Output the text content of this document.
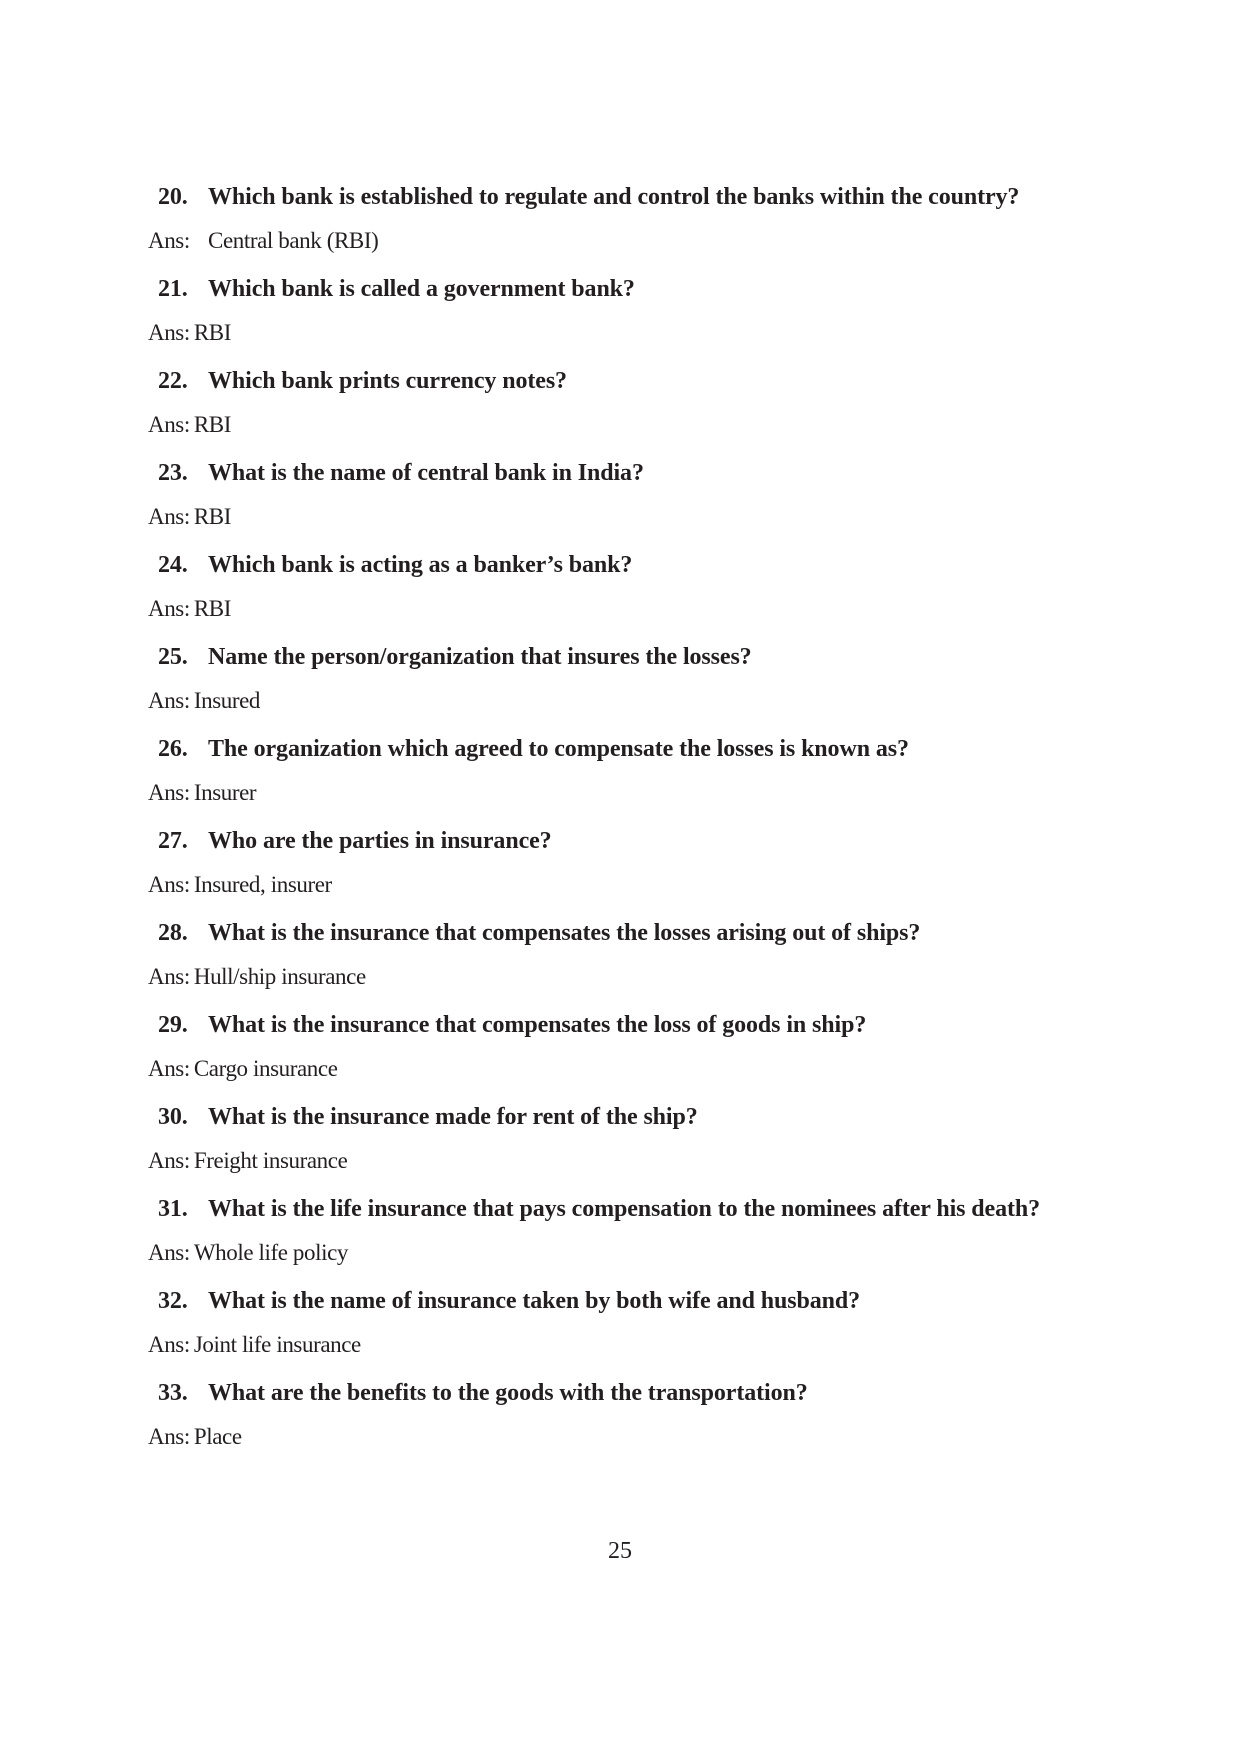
20. Which bank is established to regulate and control the banks within the country?
Ans: Central bank (RBI)
21. Which bank is called a government bank?
Ans: RBI
22. Which bank prints currency notes?
Ans: RBI
23. What is the name of central bank in India?
Ans: RBI
24. Which bank is acting as a banker’s bank?
Ans: RBI
25. Name the person/organization that insures the losses?
Ans: Insured
26. The organization which agreed to compensate the losses is known as?
Ans: Insurer
27. Who are the parties in insurance?
Ans: Insured, insurer
28. What is the insurance that compensates the losses arising out of ships?
Ans: Hull/ship insurance
29. What is the insurance that compensates the loss of goods in ship?
Ans: Cargo insurance
30. What is the insurance made for rent of the ship?
Ans: Freight insurance
31. What is the life insurance that pays compensation to the nominees after his death?
Ans: Whole life policy
32. What is the name of insurance taken by both wife and husband?
Ans: Joint life insurance
33. What are the benefits to the goods with the transportation?
Ans: Place
25
